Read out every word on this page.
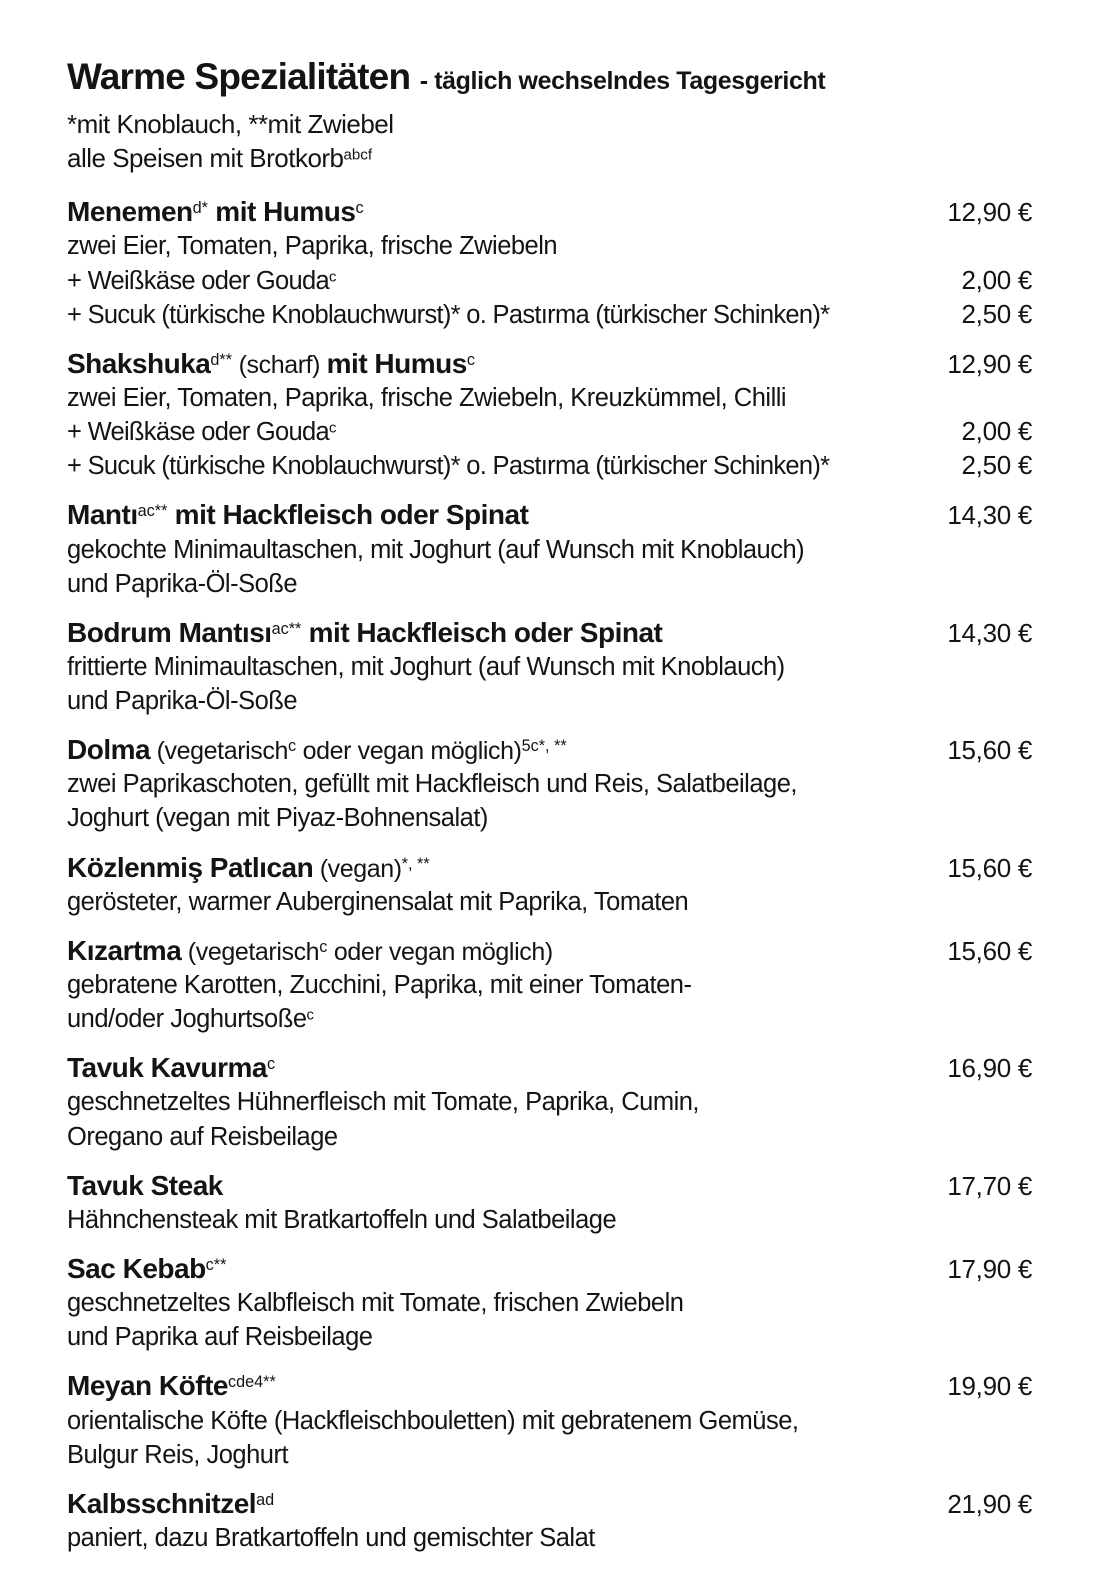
Warme Spezialitäten - täglich wechselndes Tagesgericht

*mit Knoblauch, **mit Zwiebel

alle Speisen mit Brotkorb$^{abcf}$

Menemen$^{d*}$ mit Humus$^c$	12,90 €

zwei Eier, Tomaten, Paprika, frische Zwiebeln

+ Weißkäse oder Gouda$^c$	2,00 €
+ Sucuk (türkische Knoblauchwurst)* o. Pastırma (türkischer Schinken)*	2,50 €
Shakshuka$^{d**}$ (scharf) mit Humus$^c$	12,90 €

zwei Eier, Tomaten, Paprika, frische Zwiebeln, Kreuzkümmel, Chilli

+ Weißkäse oder Gouda$^c$	2,00 €
+ Sucuk (türkische Knoblauchwurst)* o. Pastırma (türkischer Schinken)*	2,50 €
Mantı$^{ac**}$ mit Hackfleisch oder Spinat	14,30 €

gekochte Minimaultaschen, mit Joghurt (auf Wunsch mit Knoblauch)

und Paprika-Öl-Soße

Bodrum Mantısı$^{ac**}$ mit Hackfleisch oder Spinat	14,30 €

frittierte Minimaultaschen, mit Joghurt (auf Wunsch mit Knoblauch)

und Paprika-Öl-Soße

Dolma (vegetarisch$^c$ oder vegan möglich)$^{5c*, **}$	15,60 €

zwei Paprikaschoten, gefüllt mit Hackfleisch und Reis, Salatbeilage,

Joghurt (vegan mit Piyaz-Bohnensalat)

Közlenmiş Patlıcan (vegan)*, **	15,60 €

gerösteter, warmer Auberginensalat mit Paprika, Tomaten

Kızartma (vegetarisch$^c$ oder vegan möglich)	15,60 €

gebratene Karotten, Zucchini, Paprika, mit einer Tomaten-

und/oder Joghurtsoße$^c$

Tavuk Kavurma$^c$	16,90 €

geschnetzeltes Hühnerfleisch mit Tomate, Paprika, Cumin,

Oregano auf Reisbeilage

Tavuk Steak	17,70 €

Hähnchensteak mit Bratkartoffeln und Salatbeilage

Sac Kebab$^{c**}$	17,90 €

geschnetzeltes Kalbfleisch mit Tomate, frischen Zwiebeln

und Paprika auf Reisbeilage

Meyan Köfte$^{cde4**}$	19,90 €

orientalische Köfte (Hackfleischbouletten) mit gebratenem Gemüse,

Bulgur Reis, Joghurt

Kalbsschnitzel$^{ad}$	21,90 €

paniert, dazu Bratkartoffeln und gemischter Salat
